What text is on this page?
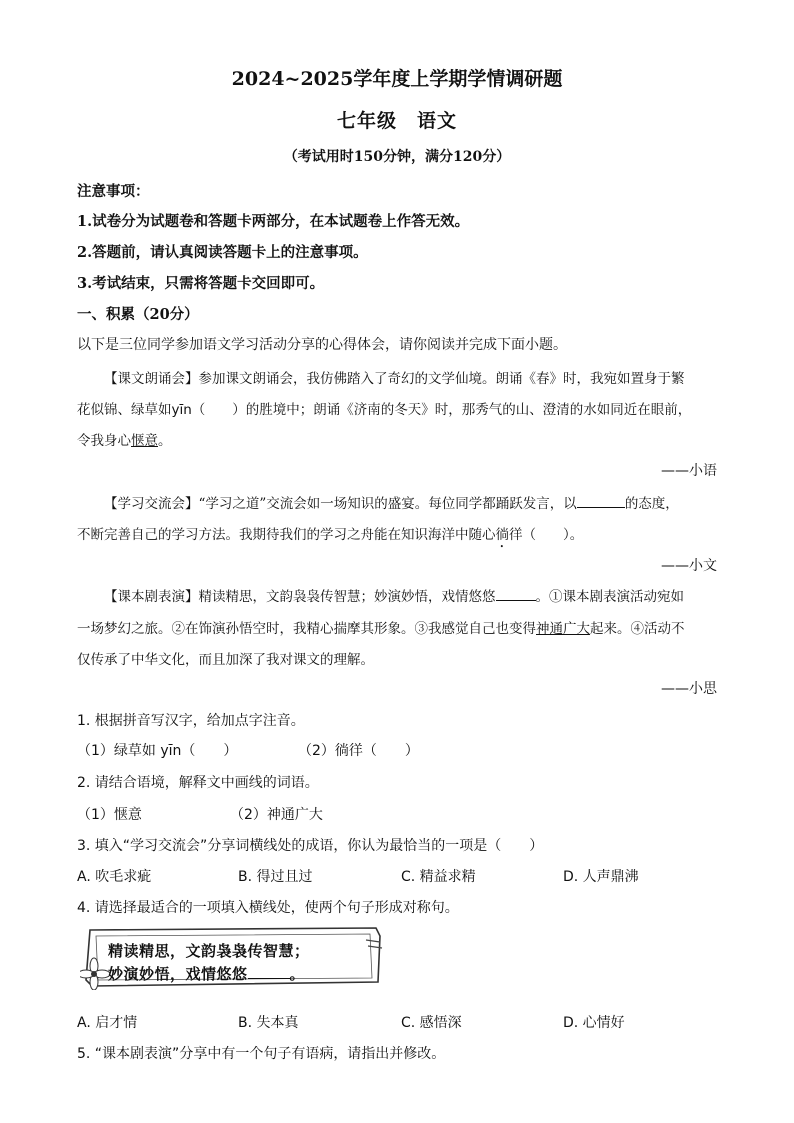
2024~2025学年度上学期学情调研题
七年级　语文
（考试用时150分钟，满分120分）
注意事项：
1.试卷分为试题卷和答题卡两部分，在本试题卷上作答无效。
2.答题前，请认真阅读答题卡上的注意事项。
3.考试结束，只需将答题卡交回即可。
一、积累（20分）
以下是三位同学参加语文学习活动分享的心得体会，请你阅读并完成下面小题。
【课文朗诵会】参加课文朗诵会，我仿佛踏入了奇幻的文学仙境。朗诵《春》时，我宛如置身于繁
花似锦、绿草如yīn（　　）的胜境中；朗诵《济南的冬天》时，那秀气的山、澄清的水如同近在眼前，
令我身心惬意。
——小语
【学习交流会】“学习之道”交流会如一场知识的盛宴。每位同学都踊跃发言，以	的态度，
不断完善自己的学习方法。我期待我们的学习之舟能在知识海洋中随心徜徉（　　）。
——小文
【课本剧表演】精读精思，文韵袅袅传智慧；妙演妙悟，戏情悠悠	。①课本剧表演活动宛如
一场梦幻之旅。②在饰演孙悟空时，我精心揣摩其形象。③我感觉自己也变得神通广大起来。④活动不
仅传承了中华文化，而且加深了我对课文的理解。
——小思
1. 根据拼音写汉字，给加点字注音。
（1）绿草如 yīn（　　）	（2）徜徉（　　）
2. 请结合语境，解释文中画线的词语。
（1）惬意	（2）神通广大
3. 填入“学习交流会”分享词横线处的成语，你认为最恰当的一项是（　　）
A. 吹毛求疵	B. 得过且过	C. 精益求精	D. 人声鼎沸
4. 请选择最适合的一项填入横线处，使两个句子形成对称句。
精读精思，文韵袅袅传智慧；
妙演妙悟，戏情悠悠	。
A. 启才情	B. 失本真	C. 感悟深	D. 心情好
5. “课本剧表演”分享中有一个句子有语病，请指出并修改。
